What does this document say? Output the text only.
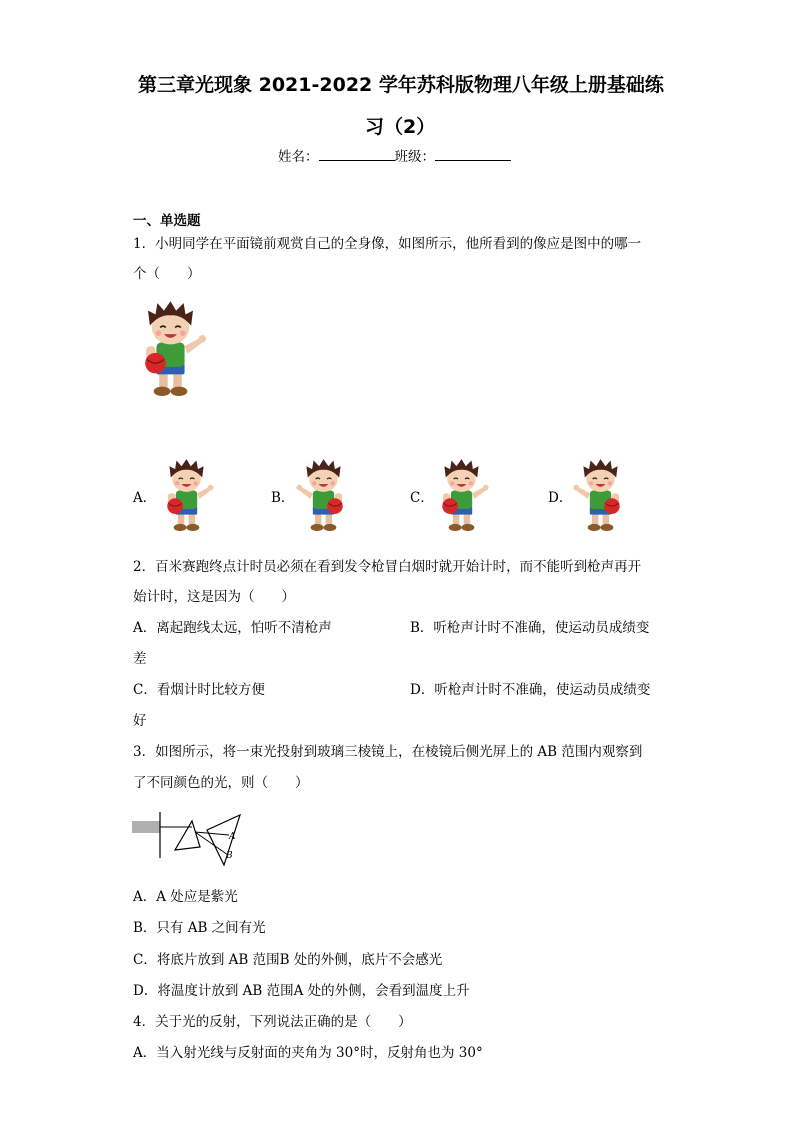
第三章光现象 2021-2022 学年苏科版物理八年级上册基础练
习（2）
姓名：	班级：
一、单选题
1．小明同学在平面镜前观赏自己的全身像，如图所示，他所看到的像应是图中的哪一
个（　　）
A．	B．	C．	D．
2．百米赛跑终点计时员必须在看到发令枪冒白烟时就开始计时，而不能听到枪声再开
始计时，这是因为（　　）
A．离起跑线太远，怕听不清枪声	B．听枪声计时不准确，使运动员成绩变
差
C．看烟计时比较方便	D．听枪声计时不准确，使运动员成绩变
好
3．如图所示，将一束光投射到玻璃三棱镜上，在棱镜后侧光屏上的 AB 范围内观察到
了不同颜色的光，则（　　）
A
B
A．A 处应是紫光
B．只有 AB 之间有光
C．将底片放到 AB 范围B 处的外侧，底片不会感光
D．将温度计放到 AB 范围A 处的外侧，会看到温度上升
4．关于光的反射，下列说法正确的是（　　）
A．当入射光线与反射面的夹角为 30°时，反射角也为 30°
